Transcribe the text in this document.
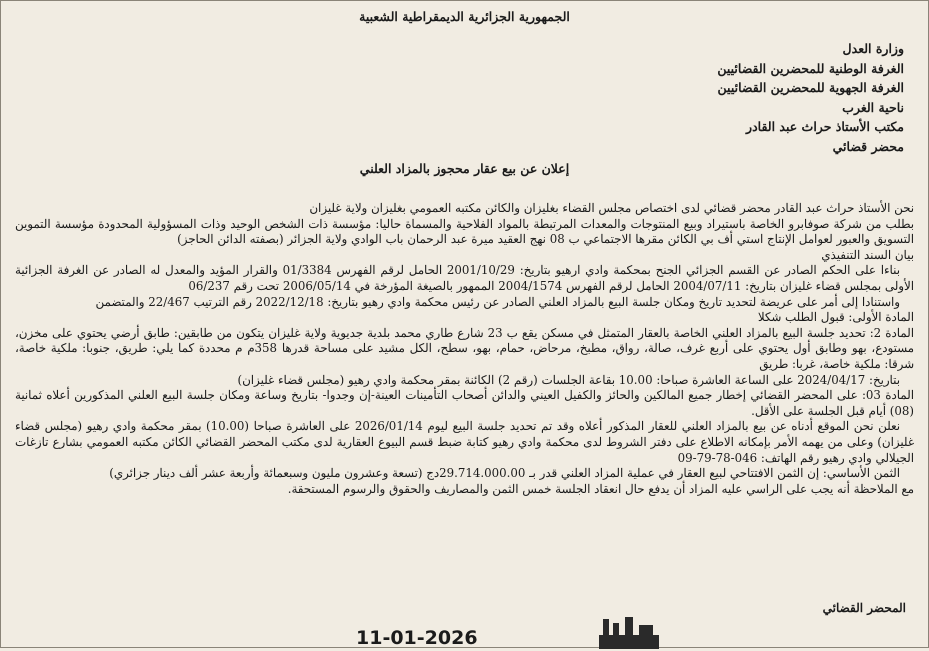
الجمهورية الجزائرية الديمقراطية الشعبية
وزارة العدل
الغرفة الوطنية للمحضرين القضائيين
الغرفة الجهوية للمحضرين القضائيين
ناحية الغرب
مكتب الأستاذ حراث عبد القادر
محضر قضائي
إعلان عن بيع عقار محجوز بالمزاد العلني

نحن الأستاذ حراث عبد القادر محضر قضائي لدى اختصاص مجلس القضاء بغليزان والكائن مكتبه العمومي بغليزان ولاية غليزان

بطلب من شركة صوفابرو الخاصة باستيراد وبيع المنتوجات والمعدات المرتبطة بالمواد الفلاحية والمسماة حاليا: مؤسسة ذات الشخص الوحيد وذات المسؤولية المحدودة مؤسسة التموين التسويق والعبور لعوامل الإنتاج استي أف بي الكائن مقرها الاجتماعي ب 08 نهج العقيد ميرة عبد الرحمان باب الوادي ولاية الجزائر (بصفته الدائن الحاجز)

بيان السند التنفيذي

بناءا على الحكم الصادر عن القسم الجزائي الجنح بمحكمة وادي ارهيو بتاريخ: 2001/10/29 الحامل لرقم الفهرس 01/3384 والقرار المؤيد والمعدل له الصادر عن الغرفة الجزائية الأولى بمجلس قضاء غليزان بتاريخ: 2004/07/11 الحامل لرقم الفهرس 2004/1574 الممهور بالصيغة المؤرخة في 2006/05/14 تحت رقم 06/237

واستنادا إلى أمر على عريضة لتحديد تاريخ ومكان جلسة البيع بالمزاد العلني الصادر عن رئيس محكمة وادي رهيو بتاريخ: 2022/12/18 رقم الترتيب 22/467 والمتضمن

المادة الأولى: قبول الطلب شكلا

المادة 2: تحديد جلسة البيع بالمزاد العلني الخاصة بالعقار المتمثل في مسكن يقع ب 23 شارع طاري محمد بلدية جديوية ولاية غليزان يتكون من طابقين: طابق أرضي يحتوي على مخزن، مستودع، بهو وطابق أول يحتوي على أربع غرف، صالة، رواق، مطبخ، مرحاض، حمام، بهو، سطح، الكل مشيد على مساحة قدرها 358م م محددة كما يلي: طريق، جنوبا: ملكية خاصة، شرقا: ملكية خاصة، غربا: طريق

بتاريخ: 2024/04/17 على الساعة العاشرة صباحا: 10.00 بقاعة الجلسات (رقم 2) الكائنة بمقر محكمة وادي رهيو (مجلس قضاء غليزان)

المادة 03: على المحضر القضائي إخطار جميع المالكين والحائز والكفيل العيني والدائن أصحاب التأمينات العينة-إن وجدوا- بتاريخ وساعة ومكان جلسة البيع العلني المذكورين أعلاه ثمانية (08) أيام قبل الجلسة على الأقل.

نعلن نحن الموقع أدناه عن بيع بالمزاد العلني للعقار المذكور أعلاه وقد تم تحديد جلسة البيع ليوم 2026/01/14 على العاشرة صباحا (10.00) بمقر محكمة وادي رهيو (مجلس قضاء غليزان) وعلى من يهمه الأمر بإمكانه الاطلاع على دفتر الشروط لدى محكمة وادي رهيو كتابة ضبط قسم البيوع العقارية لدى مكتب المحضر القضائي الكائن مكتبه العمومي بشارع تازغات الجيلالي وادي رهيو رقم الهاتف: 046-78-79-09

الثمن الأساسي: إن الثمن الافتتاحي لبيع العقار في عملية المزاد العلني قدر بـ 29.714.000.00دج (تسعة وعشرون مليون وسبعمائة وأربعة عشر ألف دينار جزائري)

مع الملاحظة أنه يجب على الراسي عليه المزاد أن يدفع حال انعقاد الجلسة خمس الثمن والمصاريف والحقوق والرسوم المستحقة.

المحضر القضائي
11-01-2026
